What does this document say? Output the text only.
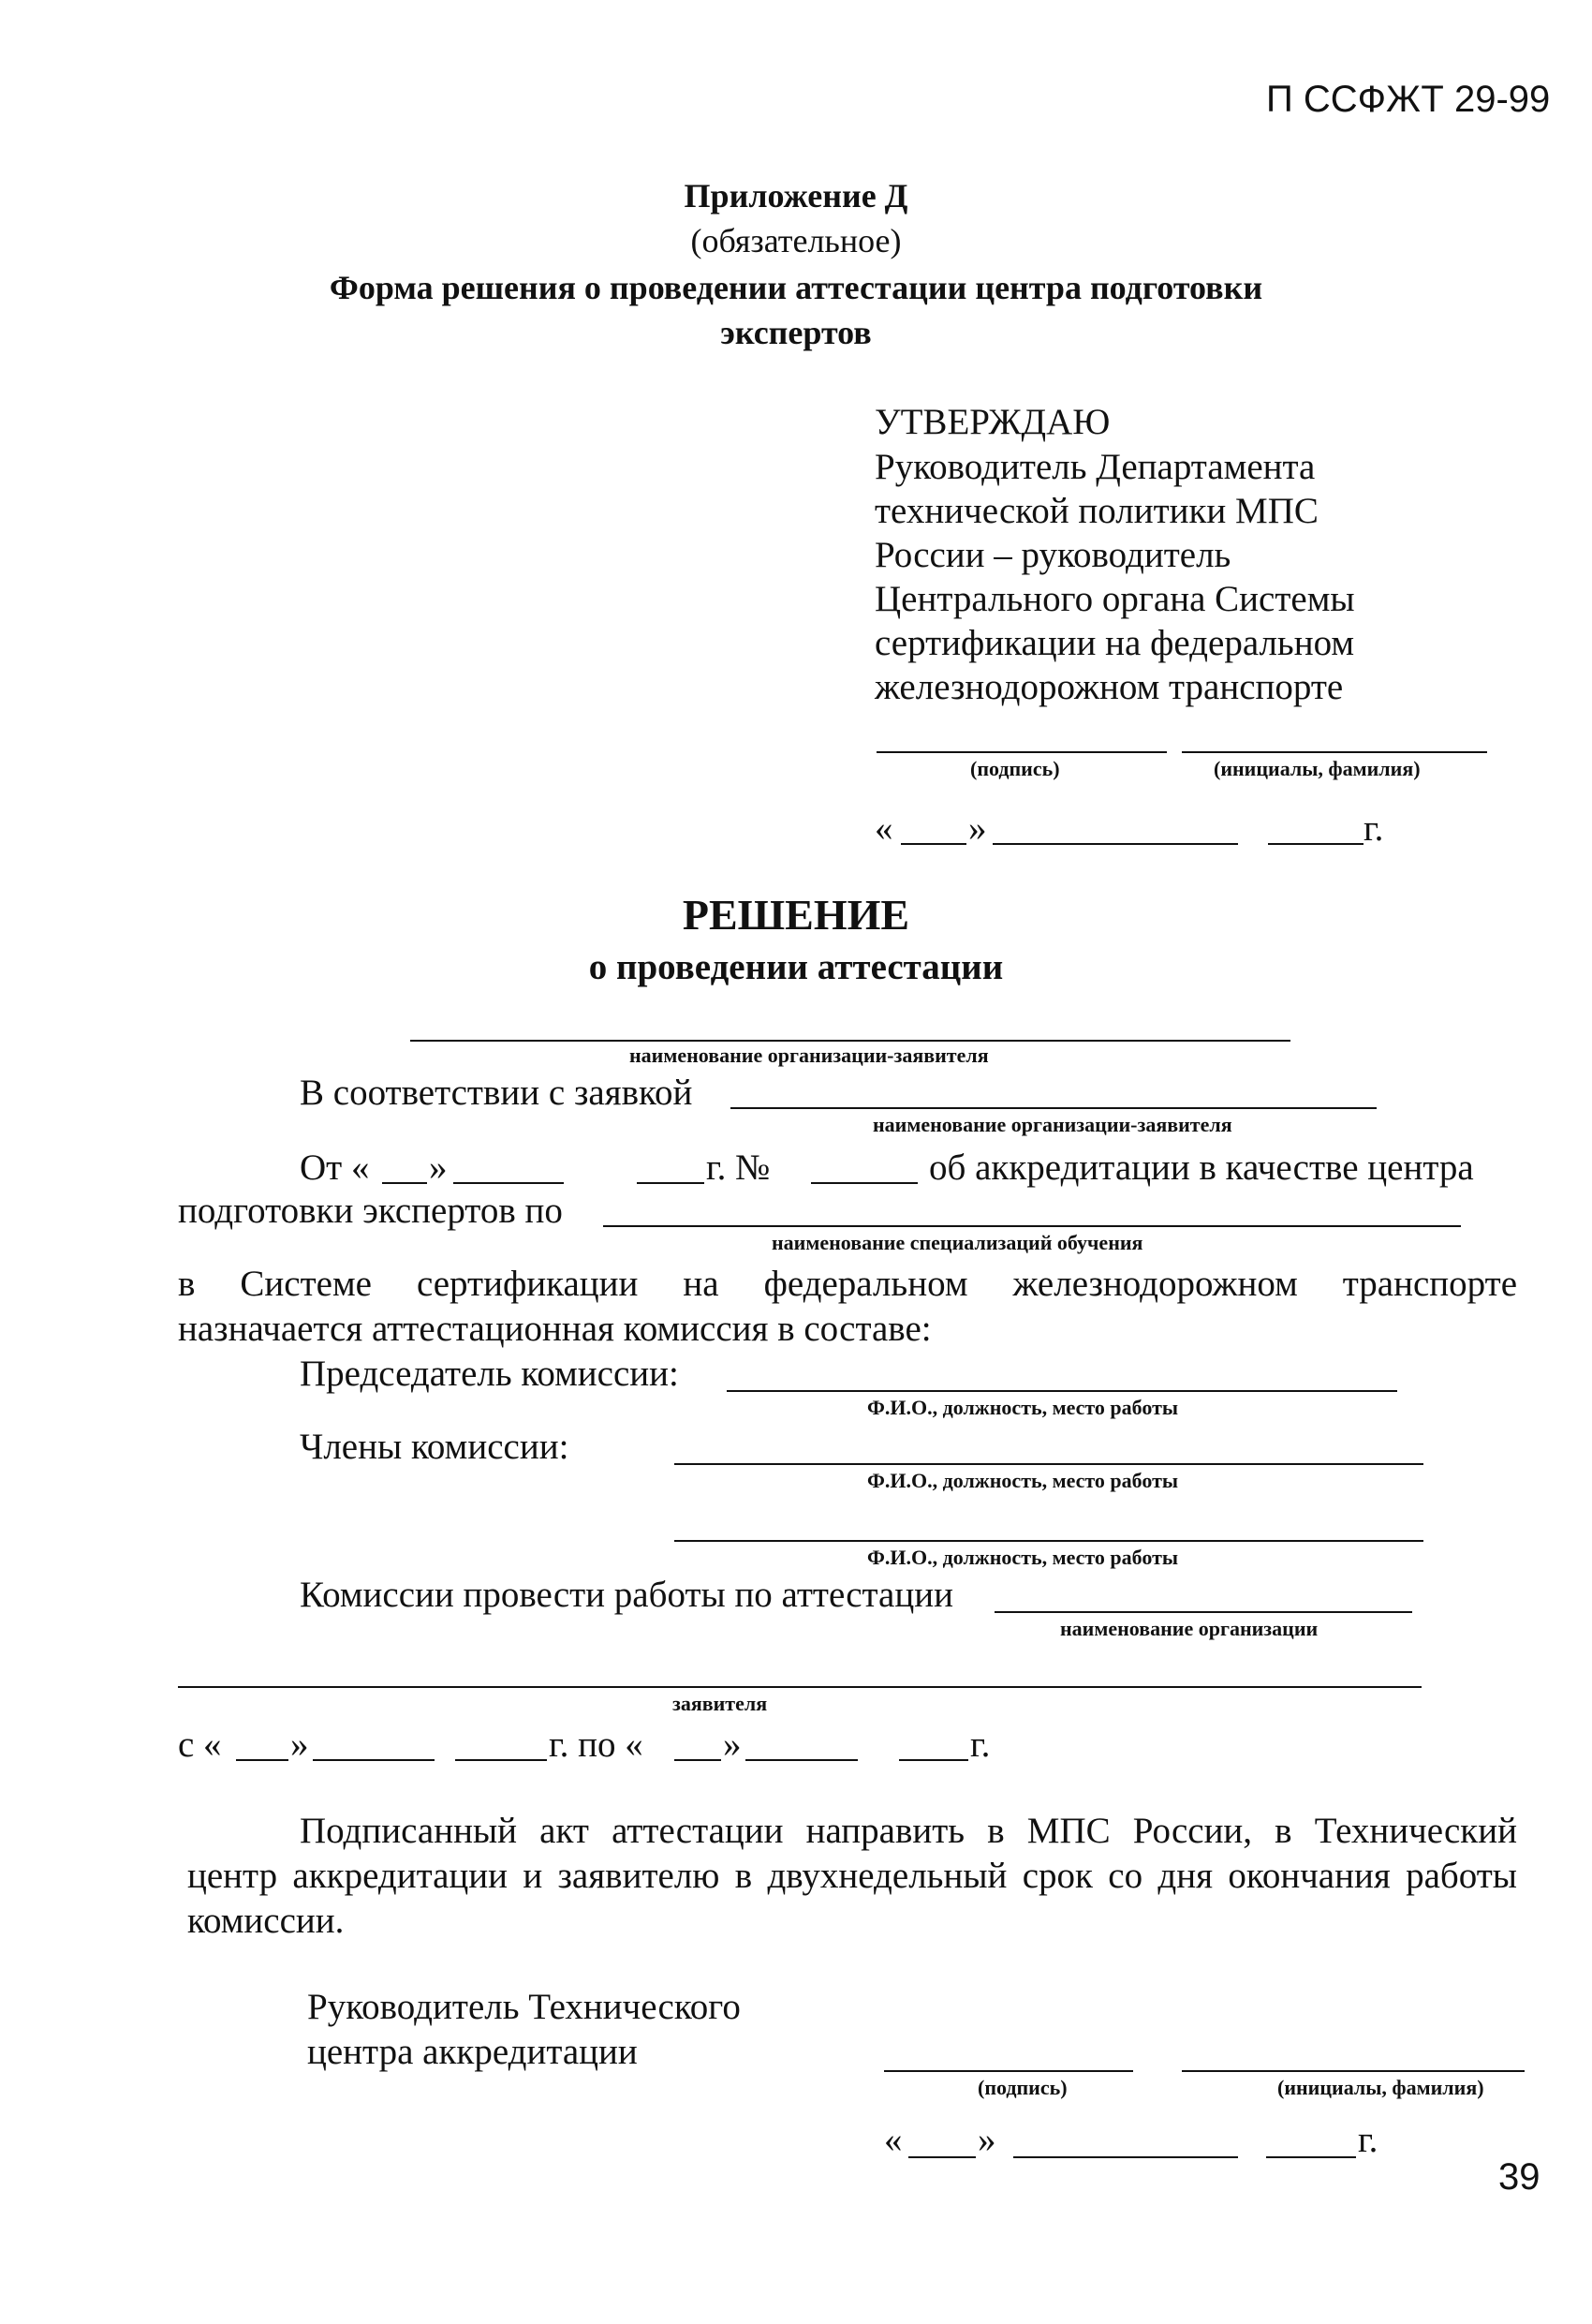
П ССФЖТ 29-99
Приложение Д
(обязательное)
Форма решения о проведении аттестации центра подготовки
экспертов
УТВЕРЖДАЮ
Руководитель Департамента
технической политики МПС
России – руководитель
Центрального органа Системы
сертификации на федеральном
железнодорожном транспорте
(подпись)	(инициалы, фамилия)
« »	г.
РЕШЕНИЕ
о проведении аттестации
наименование организации-заявителя
В соответствии с заявкой
наименование организации-заявителя
От « »	г. №	об аккредитации в качестве центра
подготовки экспертов по
наименование специализаций обучения
в Системе сертификации на федеральном железнодорожном транспорте
назначается аттестационная комиссия в составе:
Председатель комиссии:
Ф.И.О., должность, место работы
Члены комиссии:
Ф.И.О., должность, место работы
Ф.И.О., должность, место работы
Комиссии провести работы по аттестации
наименование организации
заявителя
с « »	г. по « »	г.
Подписанный акт аттестации направить в МПС России, в Технический
центр аккредитации и заявителю в двухнедельный срок со дня окончания работы
комиссии.
Руководитель Технического
центра аккредитации
(подпись)	(инициалы, фамилия)
« »	г.
39
